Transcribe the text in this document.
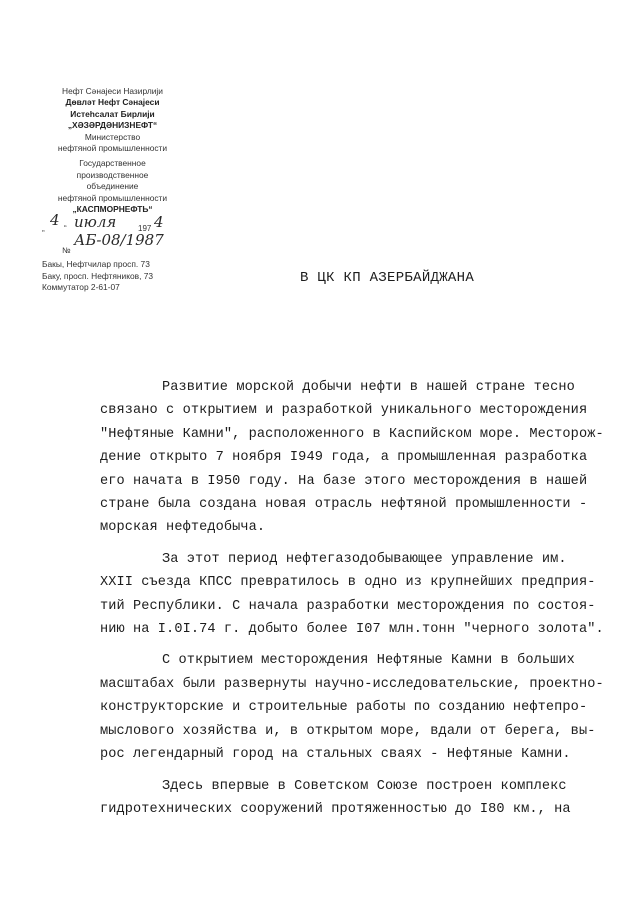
Нефт Сәнајеси Назирлији
Дөвләт Нефт Сәнајеси
Истеһсалат Бирлији
„ХӘЗӘРДӘНИЗНЕФТ“
Министерство
нефтяной промышленности
Государственное
производственное
объединение
нефтяной промышленности
„КАСПМОРНЕФТЬ“
„ 4 “ июля	197 4
№
АБ-08/1987
Бакы, Нефтчилар просп. 73
Баку, просп. Нефтяников, 73
Коммутатор 2-61-07
В ЦК КП АЗЕРБАЙДЖАНА
Развитие морской добычи нефти в нашей стране тесно
связано с открытием и разработкой уникального месторождения
"Нефтяные Камни", расположенного в Каспийском море. Месторож-
дение открыто 7 ноября I949 года, а промышленная разработка
его начата в I950 году. На базе этого месторождения в нашей
стране была создана новая отрасль нефтяной промышленности -
морская нефтедобыча.
За этот период нефтегазодобывающее управление им.
XXII съезда КПСС превратилось в одно из крупнейших предприя-
тий Республики. С начала разработки месторождения по состоя-
нию на I.0I.74 г. добыто более I07 млн.тонн "черного золота".
С открытием месторождения Нефтяные Камни в больших
масштабах были развернуты научно-исследовательские, проектно-
конструкторские и строительные работы по созданию нефтепро-
мыслового хозяйства и, в открытом море, вдали от берега, вы-
рос легендарный город на стальных сваях - Нефтяные Камни.
Здесь впервые в Советском Союзе построен комплекс
гидротехнических сооружений протяженностью до I80 км., на
